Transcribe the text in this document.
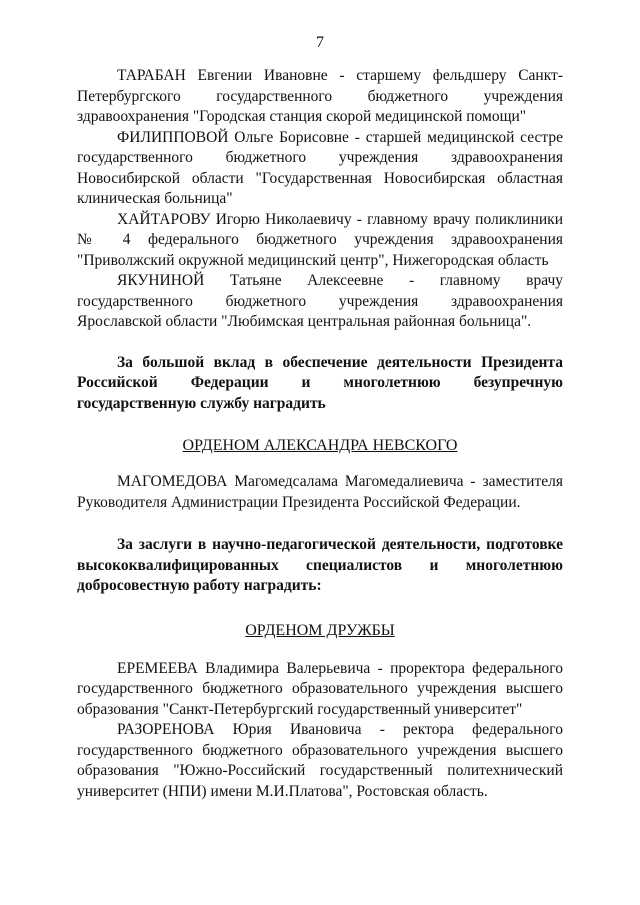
7

ТАРАБАН Евгении Ивановне - старшему фельдшеру Санкт-Петербургского государственного бюджетного учреждения здравоохранения "Городская станция скорой медицинской помощи"

ФИЛИППОВОЙ Ольге Борисовне - старшей медицинской сестре государственного бюджетного учреждения здравоохранения Новосибирской области "Государственная Новосибирская областная клиническая больница"

ХАЙТАРОВУ Игорю Николаевичу - главному врачу поликлиники № 4 федерального бюджетного учреждения здравоохранения "Приволжский окружной медицинский центр", Нижегородская область

ЯКУНИНОЙ Татьяне Алексеевне - главному врачу государственного бюджетного учреждения здравоохранения Ярославской области "Любимская центральная районная больница".

За большой вклад в обеспечение деятельности Президента Российской Федерации и многолетнюю безупречную государственную службу наградить

ОРДЕНОМ АЛЕКСАНДРА НЕВСКОГО

МАГОМЕДОВА Магомедсалама Магомедалиевича - заместителя Руководителя Администрации Президента Российской Федерации.

За заслуги в научно-педагогической деятельности, подготовке высококвалифицированных специалистов и многолетнюю добросовестную работу наградить:

ОРДЕНОМ ДРУЖБЫ

ЕРЕМЕЕВА Владимира Валерьевича - проректора федерального государственного бюджетного образовательного учреждения высшего образования "Санкт-Петербургский государственный университет"

РАЗОРЕНОВА Юрия Ивановича - ректора федерального государственного бюджетного образовательного учреждения высшего образования "Южно-Российский государственный политехнический университет (НПИ) имени М.И.Платова", Ростовская область.
